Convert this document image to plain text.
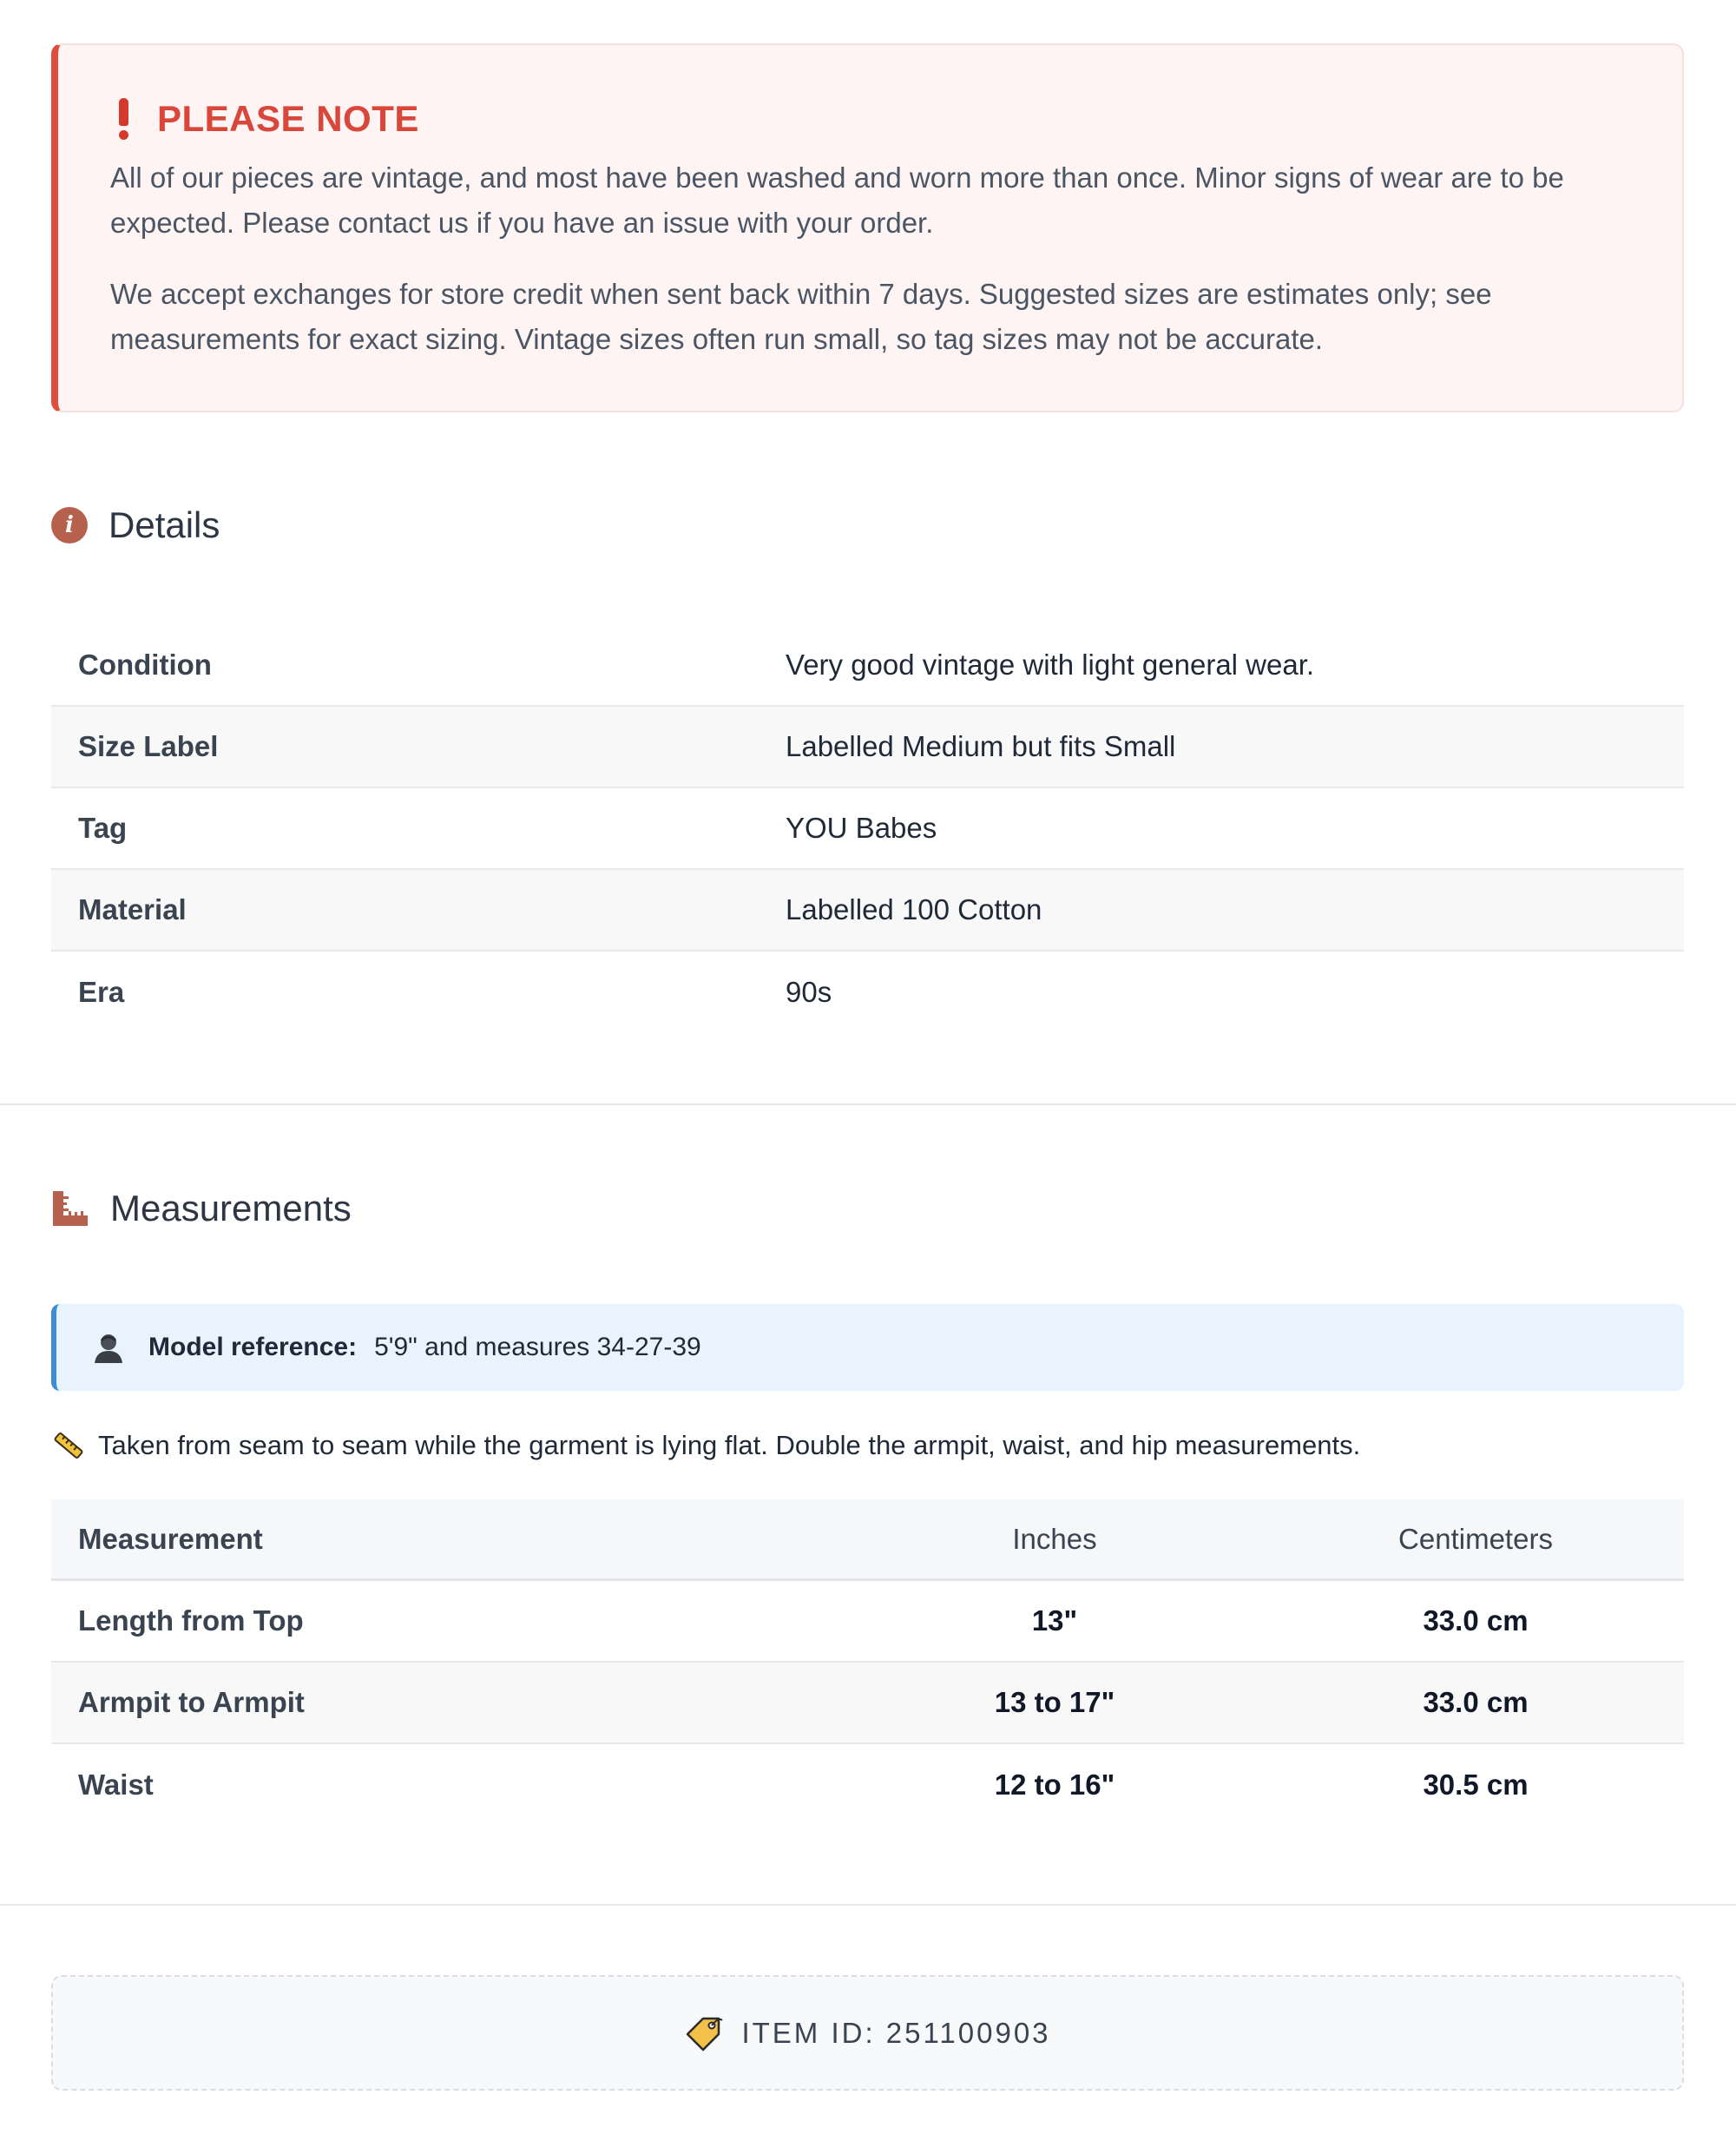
PLEASE NOTE

All of our pieces are vintage, and most have been washed and worn more than once. Minor signs of wear are to be expected. Please contact us if you have an issue with your order.

We accept exchanges for store credit when sent back within 7 days. Suggested sizes are estimates only; see measurements for exact sizing. Vintage sizes often run small, so tag sizes may not be accurate.

i Details
Condition	Very good vintage with light general wear.
Size Label	Labelled Medium but fits Small
Tag	YOU Babes
Material	Labelled 100 Cotton
Era	90s
Measurements
Model reference: 5'9" and measures 34-27-39
Taken from seam to seam while the garment is lying flat. Double the armpit, waist, and hip measurements.
Measurement	Inches	Centimeters
Length from Top	13"	33.0 cm
Armpit to Armpit	13 to 17"	33.0 cm
Waist	12 to 16"	30.5 cm
ITEM ID: 251100903
